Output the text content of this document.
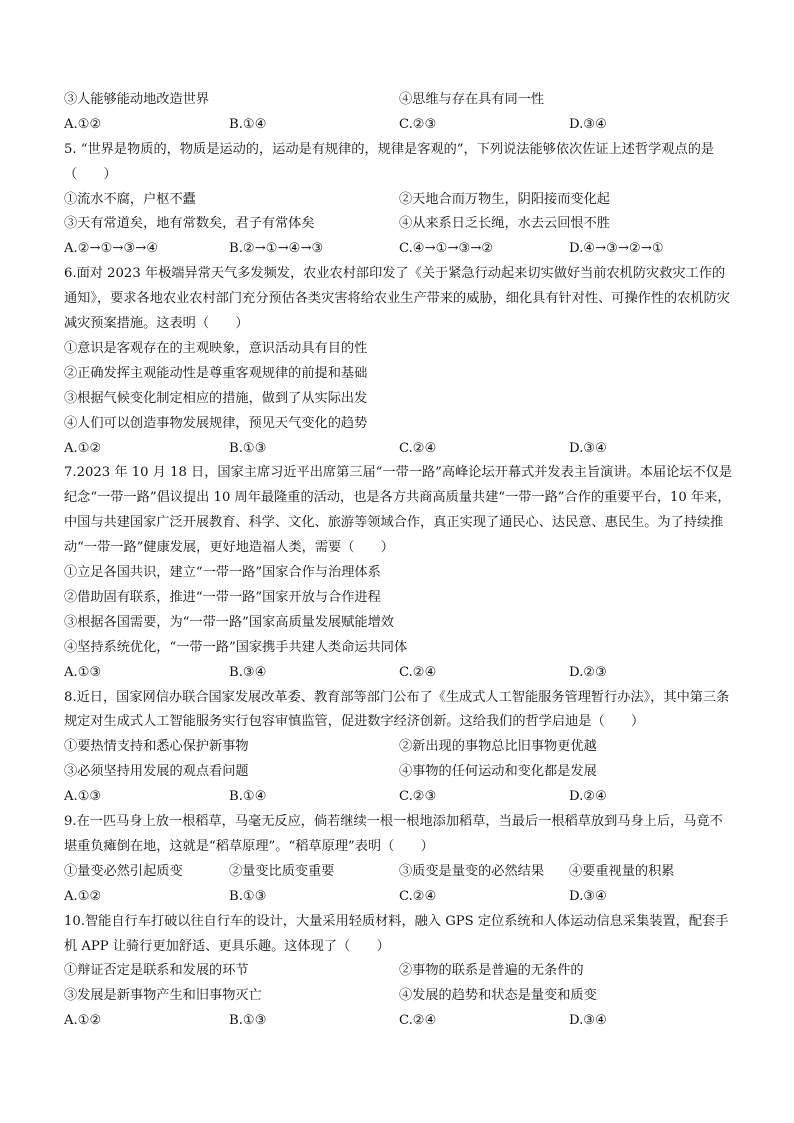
③人能够能动地改造世界	④思维与存在具有同一性
A.①②	B.①④	C.②③	D.③④
5. “世界是物质的，物质是运动的，运动是有规律的，规律是客观的”，下列说法能够依次佐证上述哲学观点的是（　　）
①流水不腐，户枢不蠹	②天地合而万物生，阴阳接而变化起
③天有常道矣，地有常数矣，君子有常体矣	④从来系日乏长绳，水去云回恨不胜
A.②→①→③→④	B.②→①→④→③	C.④→①→③→②	D.④→③→②→①
6.面对 2023 年极端异常天气多发频发，农业农村部印发了《关于紧急行动起来切实做好当前农机防灾救灾工作的通知》，要求各地农业农村部门充分预估各类灾害将给农业生产带来的威胁，细化具有针对性、可操作性的农机防灾减灾预案措施。这表明（　　）
①意识是客观存在的主观映象，意识活动具有目的性
②正确发挥主观能动性是尊重客观规律的前提和基础
③根据气候变化制定相应的措施，做到了从实际出发
④人们可以创造事物发展规律，预见天气变化的趋势
A.①②	B.①③	C.②④	D.③④
7.2023 年 10 月 18 日，国家主席习近平出席第三届“一带一路”高峰论坛开幕式并发表主旨演讲。本届论坛不仅是纪念“一带一路”倡议提出 10 周年最隆重的活动，也是各方共商高质量共建“一带一路”合作的重要平台，10 年来，中国与共建国家广泛开展教育、科学、文化、旅游等领域合作，真正实现了通民心、达民意、惠民生。为了持续推动“一带一路”健康发展，更好地造福人类，需要（　　）
①立足各国共识，建立“一带一路”国家合作与治理体系
②借助固有联系，推进“一带一路”国家开放与合作进程
③根据各国需要，为“一带一路”国家高质量发展赋能增效
④坚持系统优化，“一带一路”国家携手共建人类命运共同体
A.①③	B.③④	C.②④	D.②③
8.近日，国家网信办联合国家发展改革委、教育部等部门公布了《生成式人工智能服务管理暂行办法》，其中第三条规定对生成式人工智能服务实行包容审慎监管，促进数字经济创新。这给我们的哲学启迪是（　　）
①要热情支持和悉心保护新事物	②新出现的事物总比旧事物更优越
③必须坚持用发展的观点看问题	④事物的任何运动和变化都是发展
A.①③	B.①④	C.②③	D.②④
9.在一匹马身上放一根稻草，马毫无反应，倘若继续一根一根地添加稻草，当最后一根稻草放到马身上后，马竟不堪重负瘫倒在地，这就是“稻草原理”。“稻草原理”表明（　　）
①量变必然引起质变	②量变比质变重要	③质变是量变的必然结果	④要重视量的积累
A.①②	B.①③	C.②④	D.③④
10.智能自行车打破以往自行车的设计，大量采用轻质材料，融入 GPS 定位系统和人体运动信息采集装置，配套手机 APP 让骑行更加舒适、更具乐趣。这体现了（　　）
①辩证否定是联系和发展的环节	②事物的联系是普遍的无条件的
③发展是新事物产生和旧事物灭亡	④发展的趋势和状态是量变和质变
A.①②	B.①③	C.②④	D.③④
